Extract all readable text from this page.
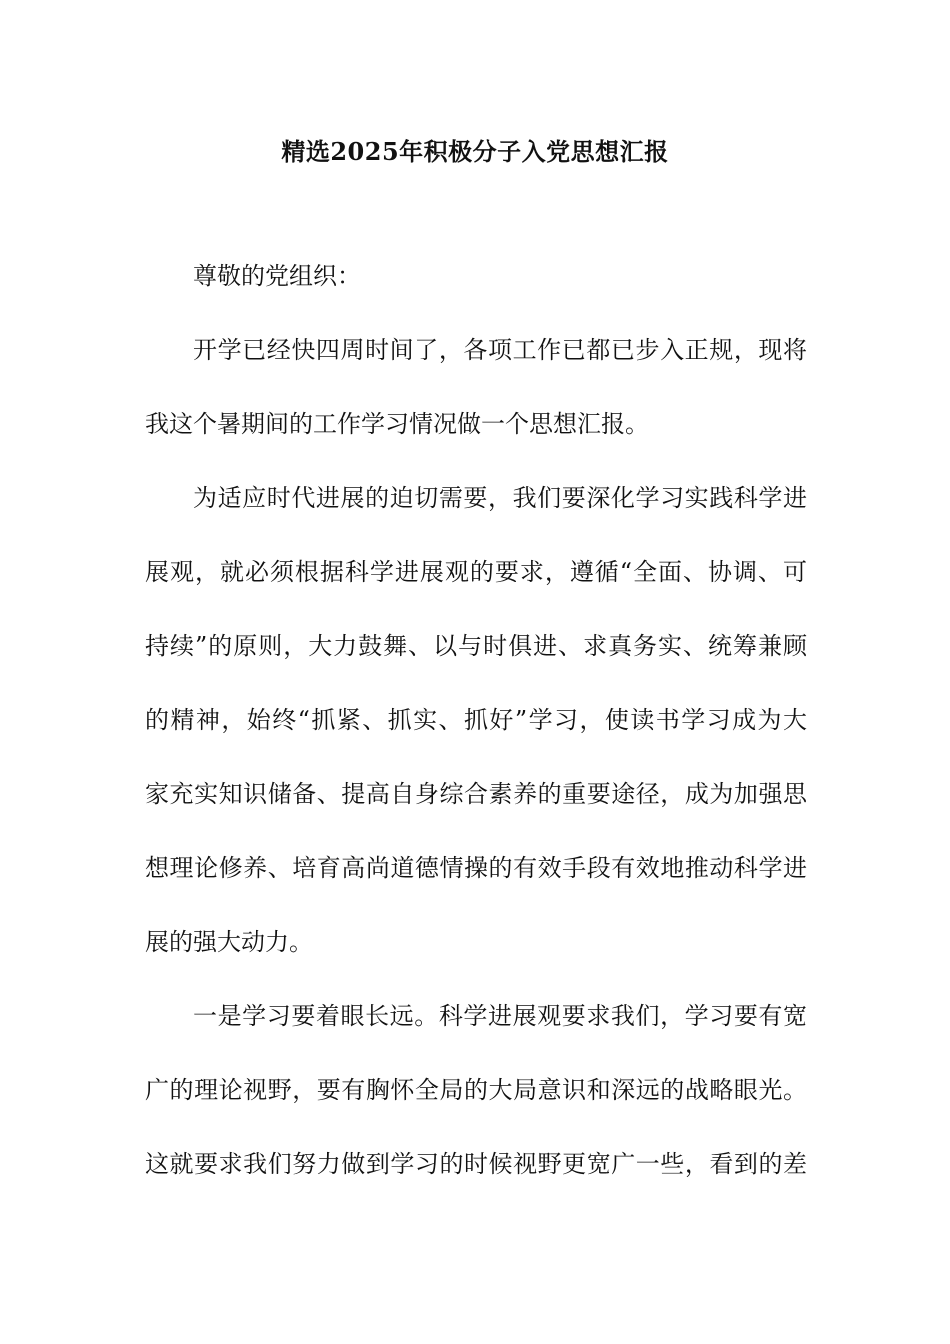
精选2025年积极分子入党思想汇报
尊敬的党组织：
开学已经快四周时间了，各项工作已都已步入正规，现将
我这个暑期间的工作学习情况做一个思想汇报。
为适应时代进展的迫切需要，我们要深化学习实践科学进
展观，就必须根据科学进展观的要求，遵循“全面、协调、可
持续”的原则，大力鼓舞、以与时俱进、求真务实、统筹兼顾
的精神，始终“抓紧、抓实、抓好”学习，使读书学习成为大
家充实知识储备、提高自身综合素养的重要途径，成为加强思
想理论修养、培育高尚道德情操的有效手段有效地推动科学进
展的强大动力。
一是学习要着眼长远。科学进展观要求我们，学习要有宽
广的理论视野，要有胸怀全局的大局意识和深远的战略眼光。
这就要求我们努力做到学习的时候视野更宽广一些，看到的差
